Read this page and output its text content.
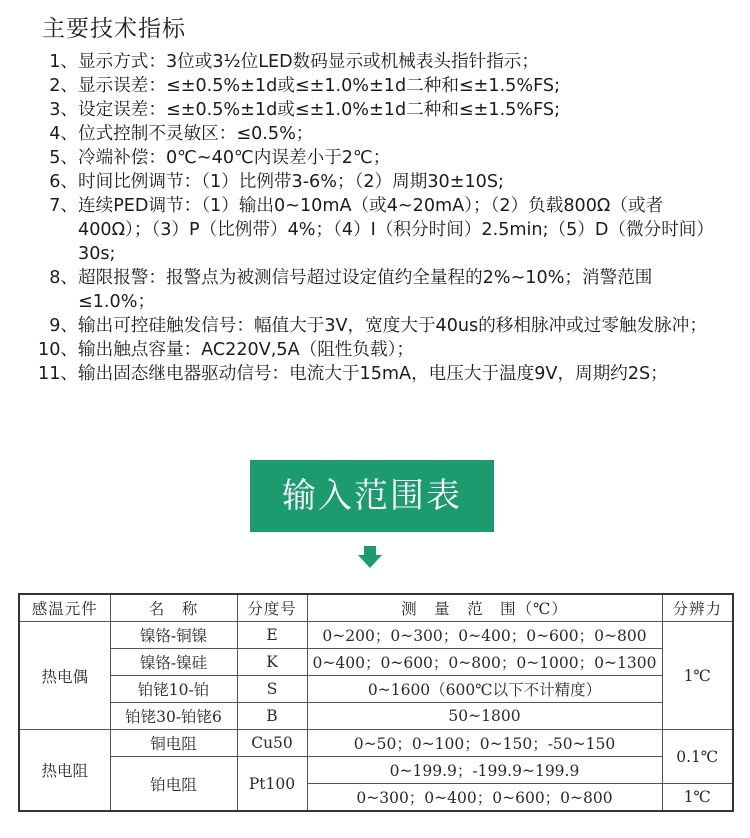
主要技术指标
1、 显示方式：3位或3½位LED数码显示或机械表头指针指示；
2、 显示误差：≤±0.5%±1d或≤±1.0%±1d二种和≤±1.5%FS;
3、 设定误差：≤±0.5%±1d或≤±1.0%±1d二种和≤±1.5%FS;
4、 位式控制不灵敏区：≤0.5%；
5、 冷端补偿：0℃~40℃内误差小于2℃；
6、 时间比例调节：（1）比例带3-6%；（2）周期30±10S;
7、 连续PED调节：（1）输出0~10mA（或4~20mA）；（2）负载800Ω（或者400Ω）；（3）P（比例带）4%；（4）I（积分时间）2.5min;（5）D（微分时间）30s;
8、 超限报警：报警点为被测信号超过设定值约全量程的2%~10%；消警范围≤1.0%；
9、 输出可控硅触发信号：幅值大于3V，宽度大于40us的移相脉冲或过零触发脉冲；
10、 输出触点容量：AC220V,5A（阻性负载）；
11、 输出固态继电器驱动信号：电流大于15mA，电压大于温度9V，周期约2S；
输入范围表
感温元件	名　称	分度号	测　量　范　围（℃）	分辨力
热电偶	镍铬-铜镍	E	0~200；0~300；0~400；0~600；0~800	1℃
	镍铬-镍硅	K	0~400；0~600；0~800；0~1000；0~1300	
	铂铑10-铂	S	0~1600（600℃以下不计精度）	
	铂铑30-铂铑6	B	50~1800	
热电阻	铜电阻	Cu50	0~50；0~100；0~150；-50~150	0.1℃
	铂电阻	Pt100	0~199.9；-199.9~199.9	
			0~300；0~400；0~600；0~800	1℃
